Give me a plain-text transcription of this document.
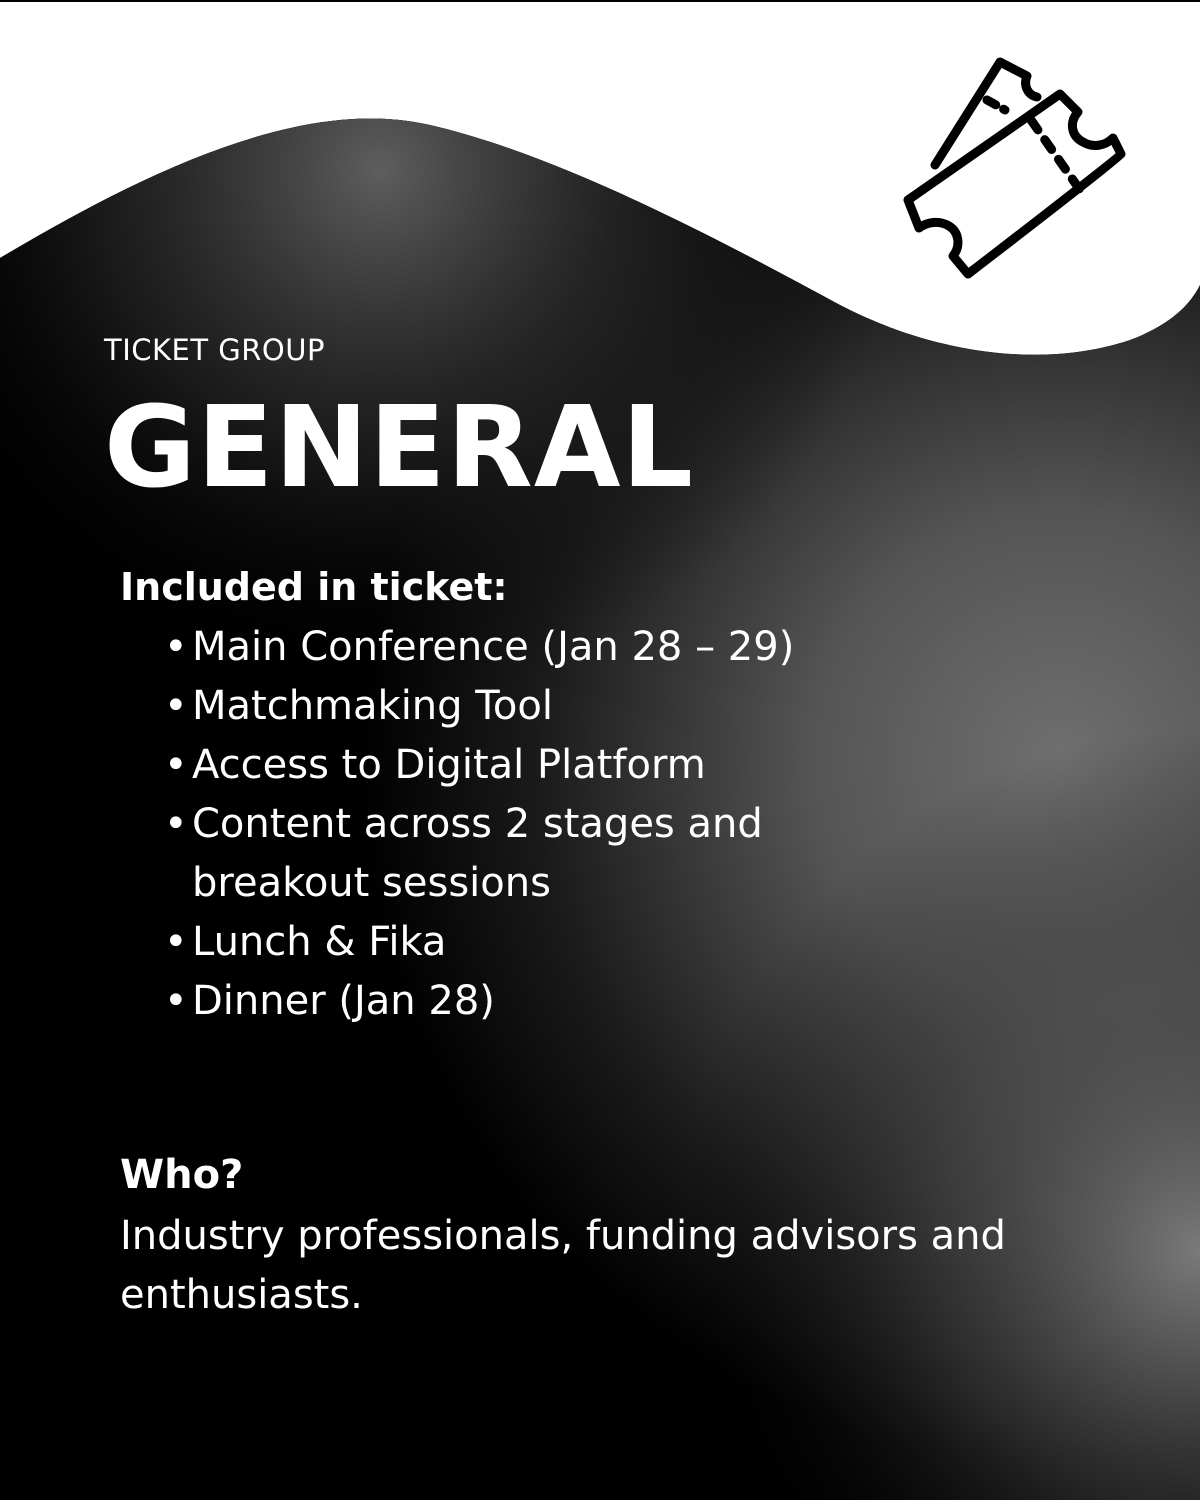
TICKET GROUP
GENERAL
Included in ticket:
• Main Conference (Jan 28 – 29)
• Matchmaking Tool
• Access to Digital Platform
• Content across 2 stages and breakout sessions
• Lunch & Fika
• Dinner (Jan 28)
Who?
Industry professionals, funding advisors and enthusiasts.
